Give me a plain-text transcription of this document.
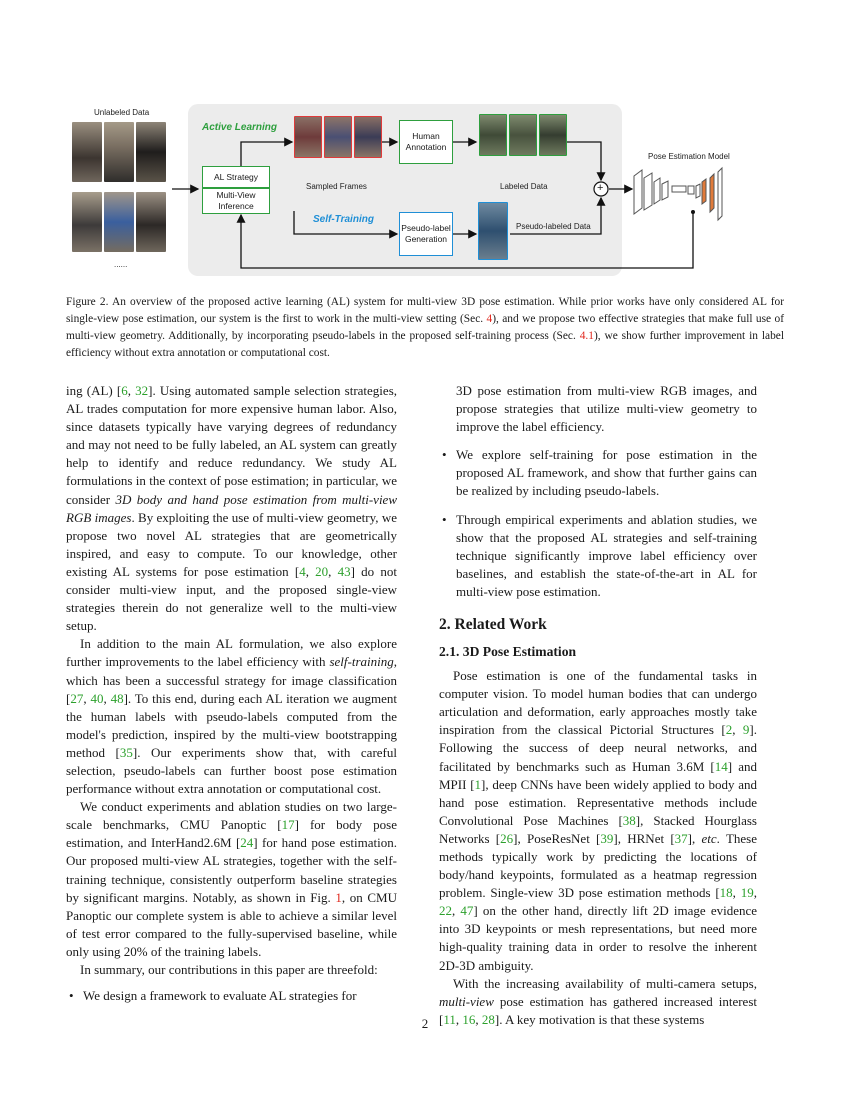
Unlabeled Data
......
+
Active Learning
Self-Training
AL Strategy
Multi-View Inference
Sampled Frames
Human Annotation
Labeled Data
Pseudo-label Generation
Pseudo-labeled Data
Pose Estimation Model
Figure 2. An overview of the proposed active learning (AL) system for multi-view 3D pose estimation. While prior works have only considered AL for single-view pose estimation, our system is the first to work in the multi-view setting (Sec. 4), and we propose two effective strategies that make full use of multi-view geometry. Additionally, by incorporating pseudo-labels in the proposed self-training process (Sec. 4.1), we show further improvement in label efficiency without extra annotation or computational cost.

ing (AL) [6, 32]. Using automated sample selection strategies, AL trades computation for more expensive human labor. Also, since datasets typically have varying degrees of redundancy and may not need to be fully labeled, an AL system can greatly help to identify and reduce redundancy. We study AL formulations in the context of pose estimation; in particular, we consider 3D body and hand pose estimation from multi-view RGB images. By exploiting the use of multi-view geometry, we propose two novel AL strategies that are geometrically inspired, and easy to compute. To our knowledge, other existing AL systems for pose estimation [4, 20, 43] do not consider multi-view input, and the proposed single-view strategies therein do not generalize well to the multi-view setup.

In addition to the main AL formulation, we also explore further improvements to the label efficiency with self-training, which has been a successful strategy for image classification [27, 40, 48]. To this end, during each AL iteration we augment the human labels with pseudo-labels computed from the model's prediction, inspired by the multi-view bootstrapping method [35]. Our experiments show that, with careful selection, pseudo-labels can further boost pose estimation performance without extra annotation or computational cost.

We conduct experiments and ablation studies on two large-scale benchmarks, CMU Panoptic [17] for body pose estimation, and InterHand2.6M [24] for hand pose estimation. Our proposed multi-view AL strategies, together with the self-training technique, consistently outperform baseline strategies by significant margins. Notably, as shown in Fig. 1, on CMU Panoptic our complete system is able to achieve a similar level of test error compared to the fully-supervised baseline, while only using 20% of the training labels.

In summary, our contributions in this paper are threefold:

• We design a framework to evaluate AL strategies for

3D pose estimation from multi-view RGB images, and propose strategies that utilize multi-view geometry to improve the label efficiency.

• We explore self-training for pose estimation in the proposed AL framework, and show that further gains can be realized by including pseudo-labels.

• Through empirical experiments and ablation studies, we show that the proposed AL strategies and self-training technique significantly improve label efficiency over baselines, and establish the state-of-the-art in AL for multi-view pose estimation.

2. Related Work
2.1. 3D Pose Estimation

Pose estimation is one of the fundamental tasks in computer vision. To model human bodies that can undergo articulation and deformation, early approaches mostly take inspiration from the classical Pictorial Structures [2, 9]. Following the success of deep neural networks, and facilitated by benchmarks such as Human 3.6M [14] and MPII [1], deep CNNs have been widely applied to body and hand pose estimation. Representative methods include Convolutional Pose Machines [38], Stacked Hourglass Networks [26], PoseResNet [39], HRNet [37], etc. These methods typically work by predicting the locations of body/hand keypoints, formulated as a heatmap regression problem. Single-view 3D pose estimation methods [18, 19, 22, 47] on the other hand, directly lift 2D image evidence into 3D keypoints or mesh representations, but need more high-quality training data in order to resolve the inherent 2D-3D ambiguity.

With the increasing availability of multi-camera setups, multi-view pose estimation has gathered increased interest [11, 16, 28]. A key motivation is that these systems

2
